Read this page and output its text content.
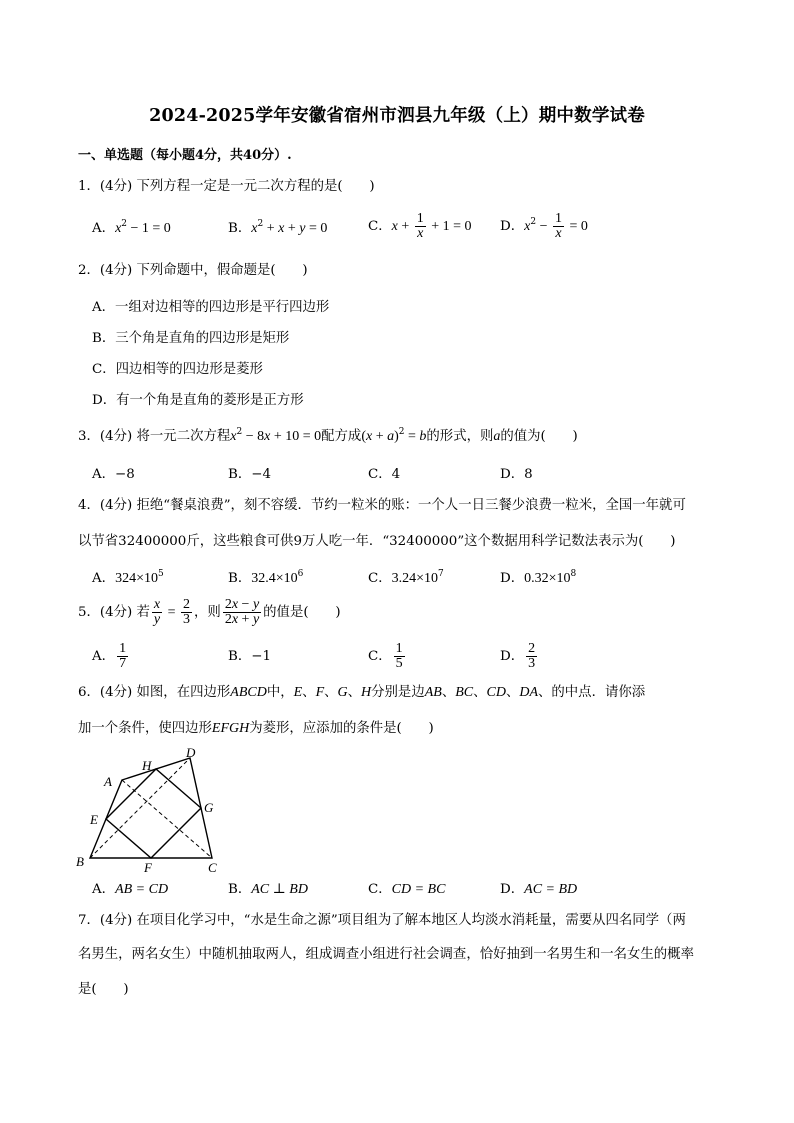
2024-2025学年安徽省宿州市泗县九年级（上）期中数学试卷
一、单选题（每小题4分，共40分）.
1．(4分) 下列方程一定是一元二次方程的是(　　)
A．$x^2 - 1 = 0$	B．$x^2 + x + y = 0$	C．$x + \frac{1}{x} + 1 = 0$ D．$x^2 - \frac{1}{x} = 0$
2．(4分) 下列命题中，假命题是(　　)
A．一组对边相等的四边形是平行四边形
B．三个角是直角的四边形是矩形
C．四边相等的四边形是菱形
D．有一个角是直角的菱形是正方形
3．(4分) 将一元二次方程$x^2 - 8x + 10 = 0$配方成$(x + a)^2 = b$的形式，则a的值为(　　)
A．−8	B．−4	C．4	D．8
4．(4分) 拒绝“餐桌浪费”，刻不容缓．节约一粒米的账：一个人一日三餐少浪费一粒米，全国一年就可
以节省32400000斤，这些粮食可供9万人吃一年．“32400000”这个数据用科学记数法表示为(　　)
A．$324\times 10^5$	B．$32.4\times 10^6$	C．$3.24\times 10^7$	D．$0.32\times 10^8$
5．(4分) 若 $\frac{x}{y} = \frac{2}{3}$ ，则 $\frac{2x - y}{2x + y}$ 的值是(　　)
A． $\frac{1}{7}$	B．−1	C． $\frac{1}{5}$	D． $\frac{2}{3}$
6．(4分) 如图，在四边形ABCD中，E、F、G、H分别是边AB、BC、CD、DA、的中点．请你添
加一个条件，使四边形EFGH为菱形，应添加的条件是(　　)
A
H
D
E
G
B	F	C
A．AB = CD	B．AC ⊥ BD	C．CD = BC	D．AC = BD
7．(4分) 在项目化学习中，“水是生命之源”项目组为了解本地区人均淡水消耗量，需要从四名同学（两
名男生，两名女生）中随机抽取两人，组成调查小组进行社会调查，恰好抽到一名男生和一名女生的概率
是(　　)
